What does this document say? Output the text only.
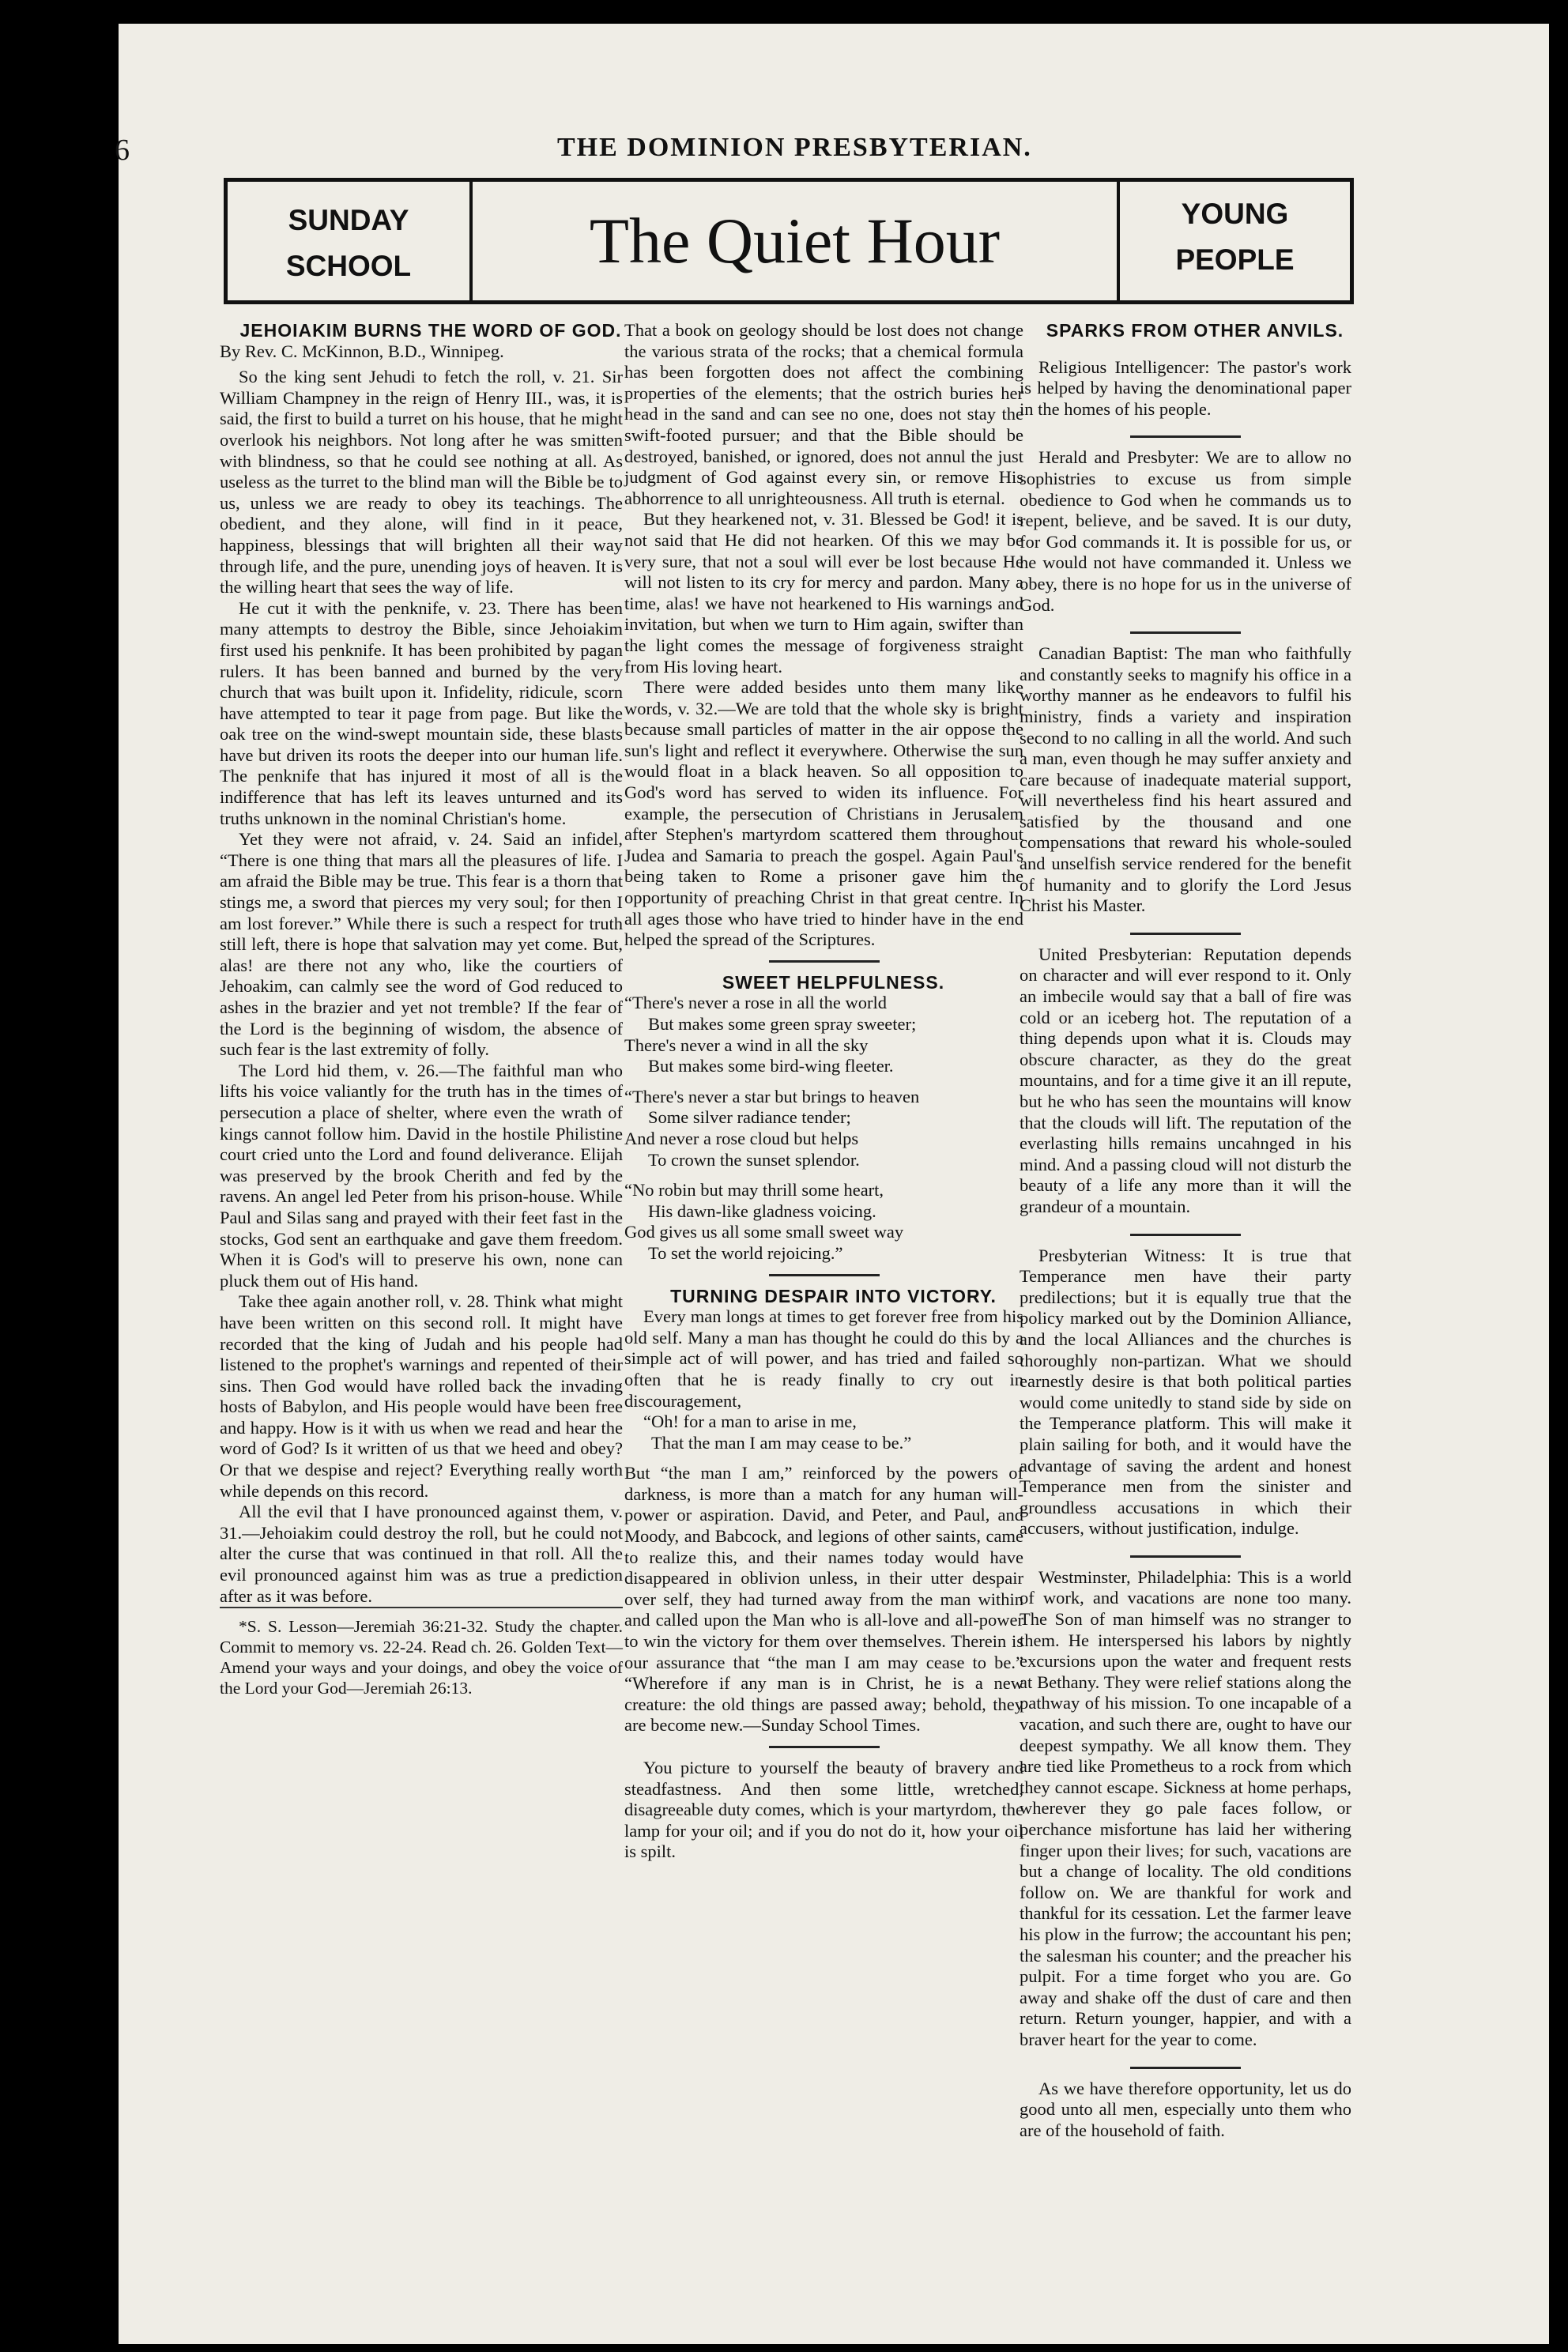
6	THE DOMINION PRESBYTERIAN.
SUNDAY
SCHOOL	The Quiet Hour	YOUNG
PEOPLE

JEHOIAKIM BURNS THE WORD OF GOD.

By Rev. C. McKinnon, B.D., Winnipeg.

So the king sent Jehudi to fetch the roll, v. 21. Sir William Champney in the reign of Henry III., was, it is said, the first to build a turret on his house, that he might overlook his neighbors. Not long after he was smitten with blindness, so that he could see nothing at all. As useless as the turret to the blind man will the Bible be to us, unless we are ready to obey its teachings. The obedient, and they alone, will find in it peace, happiness, blessings that will brighten all their way through life, and the pure, unending joys of heaven. It is the willing heart that sees the way of life.

He cut it with the penknife, v. 23. There has been many attempts to destroy the Bible, since Jehoiakim first used his penknife. It has been prohibited by pagan rulers. It has been banned and burned by the very church that was built upon it. Infidelity, ridicule, scorn have attempted to tear it page from page. But like the oak tree on the wind-swept mountain side, these blasts have but driven its roots the deeper into our human life. The penknife that has injured it most of all is the indifference that has left its leaves unturned and its truths unknown in the nominal Christian's home.

Yet they were not afraid, v. 24. Said an infidel, “There is one thing that mars all the pleasures of life. I am afraid the Bible may be true. This fear is a thorn that stings me, a sword that pierces my very soul; for then I am lost forever.” While there is such a respect for truth still left, there is hope that salvation may yet come. But, alas! are there not any who, like the courtiers of Jehoakim, can calmly see the word of God reduced to ashes in the brazier and yet not tremble? If the fear of the Lord is the beginning of wisdom, the absence of such fear is the last extremity of folly.

The Lord hid them, v. 26.—The faithful man who lifts his voice valiantly for the truth has in the times of persecution a place of shelter, where even the wrath of kings cannot follow him. David in the hostile Philistine court cried unto the Lord and found deliverance. Elijah was preserved by the brook Cherith and fed by the ravens. An angel led Peter from his prison-house. While Paul and Silas sang and prayed with their feet fast in the stocks, God sent an earthquake and gave them freedom. When it is God's will to preserve his own, none can pluck them out of His hand.

Take thee again another roll, v. 28. Think what might have been written on this second roll. It might have recorded that the king of Judah and his people had listened to the prophet's warnings and repented of their sins. Then God would have rolled back the invading hosts of Babylon, and His people would have been free and happy. How is it with us when we read and hear the word of God? Is it written of us that we heed and obey? Or that we despise and reject? Everything really worth while depends on this record.

All the evil that I have pronounced against them, v. 31.—Jehoiakim could destroy the roll, but he could not alter the curse that was continued in that roll. All the evil pronounced against him was as true a prediction after as it was before.

*S. S. Lesson—Jeremiah 36:21-32. Study the chapter. Commit to memory vs. 22-24. Read ch. 26. Golden Text—Amend your ways and your doings, and obey the voice of the Lord your God—Jeremiah 26:13.

That a book on geology should be lost does not change the various strata of the rocks; that a chemical formula has been forgotten does not affect the combining properties of the elements; that the ostrich buries her head in the sand and can see no one, does not stay the swift-footed pursuer; and that the Bible should be destroyed, banished, or ignored, does not annul the just judgment of God against every sin, or remove His abhorrence to all unrighteousness. All truth is eternal.

But they hearkened not, v. 31. Blessed be God! it is not said that He did not hearken. Of this we may be very sure, that not a soul will ever be lost because He will not listen to its cry for mercy and pardon. Many a time, alas! we have not hearkened to His warnings and invitation, but when we turn to Him again, swifter than the light comes the message of forgiveness straight from His loving heart.

There were added besides unto them many like words, v. 32.—We are told that the whole sky is bright because small particles of matter in the air oppose the sun's light and reflect it everywhere. Otherwise the sun would float in a black heaven. So all opposition to God's word has served to widen its influence. For example, the persecution of Christians in Jerusalem after Stephen's martyrdom scattered them throughout Judea and Samaria to preach the gospel. Again Paul's being taken to Rome a prisoner gave him the opportunity of preaching Christ in that great centre. In all ages those who have tried to hinder have in the end helped the spread of the Scriptures.

SWEET HELPFULNESS.

“There's never a rose in all the world
But makes some green spray sweeter;
There's never a wind in all the sky
But makes some bird-wing fleeter.

“There's never a star but brings to heaven
Some silver radiance tender;
And never a rose cloud but helps
To crown the sunset splendor.

“No robin but may thrill some heart,
His dawn-like gladness voicing.
God gives us all some small sweet way
To set the world rejoicing.”

TURNING DESPAIR INTO VICTORY.

Every man longs at times to get forever free from his old self. Many a man has thought he could do this by a simple act of will power, and has tried and failed so often that he is ready finally to cry out in discouragement,

“Oh! for a man to arise in me,

That the man I am may cease to be.”

But “the man I am,” reinforced by the powers of darkness, is more than a match for any human will-power or aspiration. David, and Peter, and Paul, and Moody, and Babcock, and legions of other saints, came to realize this, and their names today would have disappeared in oblivion unless, in their utter despair over self, they had turned away from the man within and called upon the Man who is all-love and all-power to win the victory for them over themselves. Therein is our assurance that “the man I am may cease to be.” “Wherefore if any man is in Christ, he is a new creature: the old things are passed away; behold, they are become new.—Sunday School Times.

You picture to yourself the beauty of bravery and steadfastness. And then some little, wretched, disagreeable duty comes, which is your martyrdom, the lamp for your oil; and if you do not do it, how your oil is spilt.

SPARKS FROM OTHER ANVILS.

Religious Intelligencer: The pastor's work is helped by having the denominational paper in the homes of his people.

Herald and Presbyter: We are to allow no sophistries to excuse us from simple obedience to God when he commands us to repent, believe, and be saved. It is our duty, for God commands it. It is possible for us, or he would not have commanded it. Unless we obey, there is no hope for us in the universe of God.

Canadian Baptist: The man who faithfully and constantly seeks to magnify his office in a worthy manner as he endeavors to fulfil his ministry, finds a variety and inspiration second to no calling in all the world. And such a man, even though he may suffer anxiety and care because of inadequate material support, will nevertheless find his heart assured and satisfied by the thousand and one compensations that reward his whole-souled and unselfish service rendered for the benefit of humanity and to glorify the Lord Jesus Christ his Master.

United Presbyterian: Reputation depends on character and will ever respond to it. Only an imbecile would say that a ball of fire was cold or an iceberg hot. The reputation of a thing depends upon what it is. Clouds may obscure character, as they do the great mountains, and for a time give it an ill repute, but he who has seen the mountains will know that the clouds will lift. The reputation of the everlasting hills remains uncahnged in his mind. And a passing cloud will not disturb the beauty of a life any more than it will the grandeur of a mountain.

Presbyterian Witness: It is true that Temperance men have their party predilections; but it is equally true that the policy marked out by the Dominion Alliance, and the local Alliances and the churches is thoroughly non-partizan. What we should earnestly desire is that both political parties would come unitedly to stand side by side on the Temperance platform. This will make it plain sailing for both, and it would have the advantage of saving the ardent and honest Temperance men from the sinister and groundless accusations in which their accusers, without justification, indulge.

Westminster, Philadelphia: This is a world of work, and vacations are none too many. The Son of man himself was no stranger to them. He interspersed his labors by nightly excursions upon the water and frequent rests at Bethany. They were relief stations along the pathway of his mission. To one incapable of a vacation, and such there are, ought to have our deepest sympathy. We all know them. They are tied like Prometheus to a rock from which they cannot escape. Sickness at home perhaps, wherever they go pale faces follow, or perchance misfortune has laid her withering finger upon their lives; for such, vacations are but a change of locality. The old conditions follow on. We are thankful for work and thankful for its cessation. Let the farmer leave his plow in the furrow; the accountant his pen; the salesman his counter; and the preacher his pulpit. For a time forget who you are. Go away and shake off the dust of care and then return. Return younger, happier, and with a braver heart for the year to come.

As we have therefore opportunity, let us do good unto all men, especially unto them who are of the household of faith.
